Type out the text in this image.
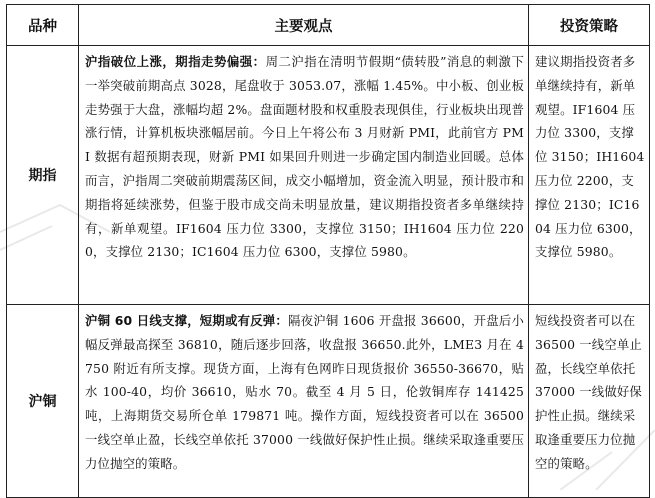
品种	主要观点	投资策略
期指	沪指破位上涨，期指走势偏强：周二沪指在清明节假期“债转股”消息的刺激下一举突破前期高点 3028，尾盘收于 3053.07，涨幅 1.45%。中小板、创业板走势强于大盘，涨幅均超 2%。盘面题材股和权重股表现俱佳，行业板块出现普涨行情，计算机板块涨幅居前。今日上午将公布 3 月财新 PMI，此前官方 PMI 数据有超预期表现，财新 PMI 如果回升则进一步确定国内制造业回暖。总体而言，沪指周二突破前期震荡区间，成交小幅增加，资金流入明显，预计股市和期指将延续涨势，但鉴于股市成交尚未明显放量，建议期指投资者多单继续持有，新单观望。IF1604 压力位 3300，支撑位 3150；IH1604 压力位 2200，支撑位 2130；IC1604 压力位 6300，支撑位 5980。	建议期指投资者多单继续持有，新单观望。IF1604 压力位 3300，支撑位 3150；IH1604 压力位 2200，支撑位 2130；IC1604 压力位 6300，支撑位 5980。
沪铜	沪铜 60 日线支撑，短期或有反弹：隔夜沪铜 1606 开盘报 36600，开盘后小幅反弹最高探至 36810，随后逐步回落，收盘报 36650.此外，LME3 月在 4750 附近有所支撑。现货方面，上海有色网昨日现货报价 36550-36670，贴水 100-40，均价 36610，贴水 70。截至 4 月 5 日，伦敦铜库存 141425 吨，上海期货交易所仓单 179871 吨。操作方面，短线投资者可以在 36500 一线空单止盈，长线空单依托 37000 一线做好保护性止损。继续采取逢重要压力位抛空的策略。	短线投资者可以在 36500 一线空单止盈，长线空单依托 37000 一线做好保护性止损。继续采取逢重要压力位抛空的策略。
